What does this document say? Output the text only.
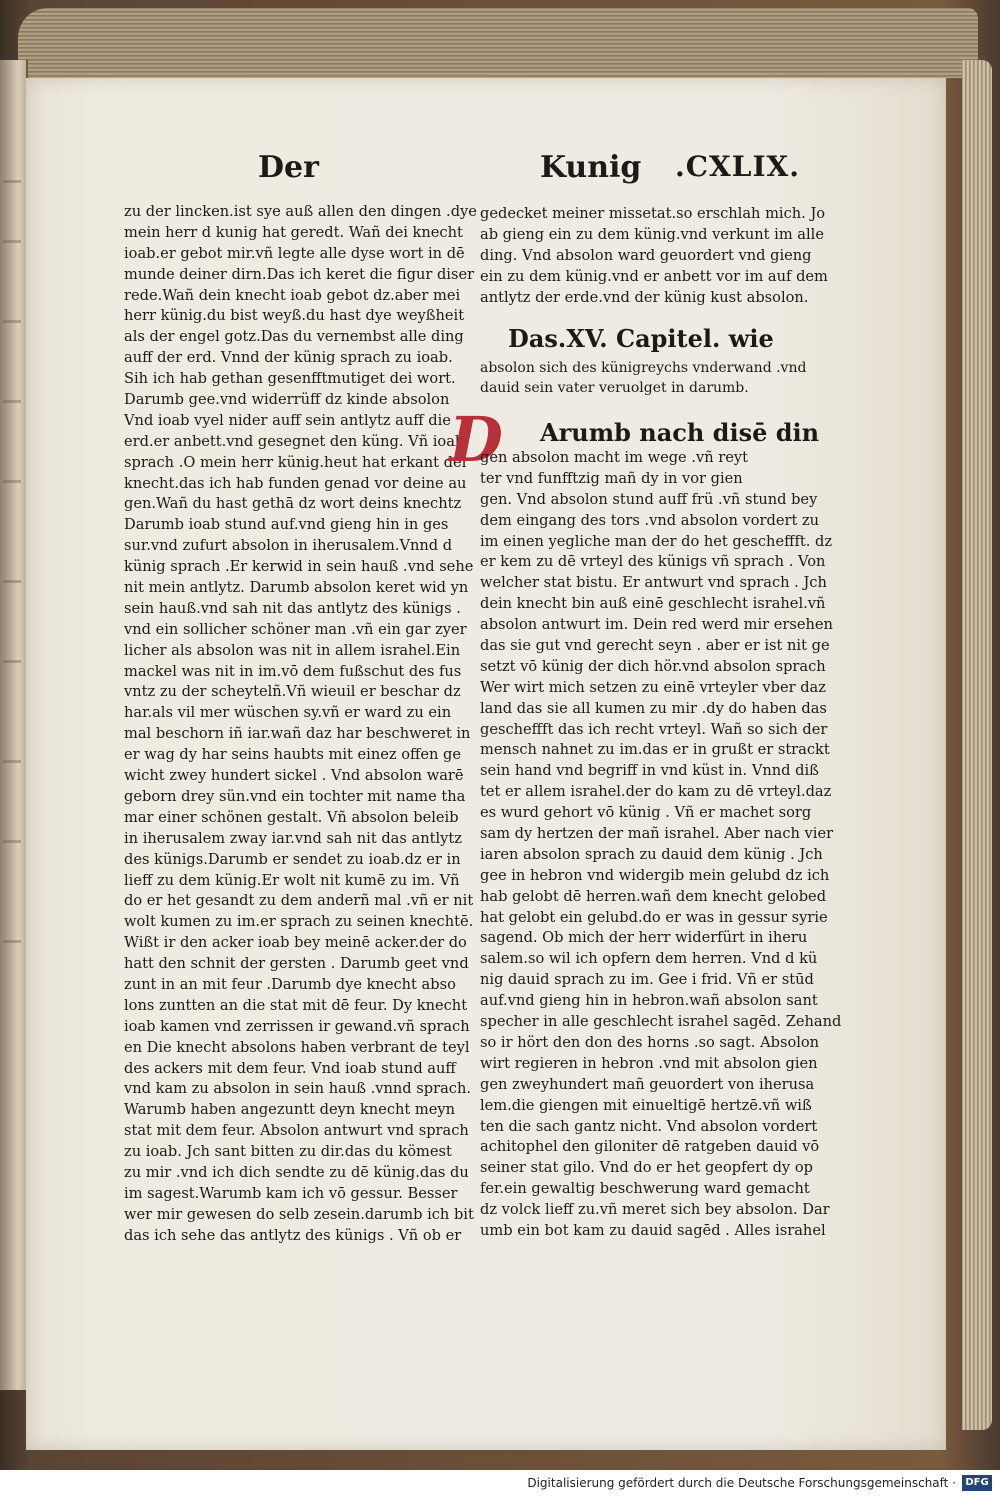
Der	Kunig .CXLIX.
zu der lincken.ist sye auß allen den dingen .dye
mein herr d kunig hat geredt. Wañ dei knecht
ioab.er gebot mir.vñ legte alle dyse wort in dē
munde deiner dirn.Das ich keret die figur diser
rede.Wañ dein knecht ioab gebot dz.aber mei
herr künig.du bist weyß.du hast dye weyßheit
als der engel gotz.Das du vernembst alle ding
auff der erd. Vnnd der künig sprach zu ioab.
Sih ich hab gethan gesenfftmutiget dei wort.
Darumb gee.vnd widerrüff dz kinde absolon
Vnd ioab vyel nider auff sein antlytz auff die
erd.er anbett.vnd gesegnet den küng. Vñ ioab
sprach .O mein herr künig.heut hat erkant dei
knecht.das ich hab funden genad vor deine au
gen.Wañ du hast gethā dz wort deins knechtz
Darumb ioab stund auf.vnd gieng hin in ges
sur.vnd zufurt absolon in iherusalem.Vnnd d
künig sprach .Er kerwid in sein hauß .vnd sehe
nit mein antlytz. Darumb absolon keret wid yn
sein hauß.vnd sah nit das antlytz des künigs .
vnd ein sollicher schöner man .vñ ein gar zyer
licher als absolon was nit in allem israhel.Ein
mackel was nit in im.vō dem fußschut des fus
vntz zu der scheytelñ.Vñ wieuil er beschar dz
har.als vil mer wüschen sy.vñ er ward zu ein
mal beschorn iñ iar.wañ daz har beschweret in
er wag dy har seins haubts mit einez offen ge
wicht zwey hundert sickel . Vnd absolon warē
geborn drey sün.vnd ein tochter mit name tha
mar einer schönen gestalt. Vñ absolon beleib
in iherusalem zway iar.vnd sah nit das antlytz
des künigs.Darumb er sendet zu ioab.dz er in
lieff zu dem künig.Er wolt nit kumē zu im. Vñ
do er het gesandt zu dem anderñ mal .vñ er nit
wolt kumen zu im.er sprach zu seinen knechtē.
Wißt ir den acker ioab bey meinē acker.der do
hatt den schnit der gersten . Darumb geet vnd
zunt in an mit feur .Darumb dye knecht abso
lons zuntten an die stat mit dē feur. Dy knecht
ioab kamen vnd zerrissen ir gewand.vñ sprach
en Die knecht absolons haben verbrant de teyl
des ackers mit dem feur. Vnd ioab stund auff
vnd kam zu absolon in sein hauß .vnnd sprach.
Warumb haben angezuntt deyn knecht meyn
stat mit dem feur. Absolon antwurt vnd sprach
zu ioab. Jch sant bitten zu dir.das du kömest
zu mir .vnd ich dich sendte zu dē künig.das du
im sagest.Warumb kam ich vō gessur. Besser
wer mir gewesen do selb zesein.darumb ich bit
das ich sehe das antlytz des künigs . Vñ ob er
gedecket meiner missetat.so erschlah mich. Jo
ab gieng ein zu dem künig.vnd verkunt im alle
ding. Vnd absolon ward geuordert vnd gieng
ein zu dem künig.vnd er anbett vor im auf dem
antlytz der erde.vnd der künig kust absolon.
Das.XV. Capitel. wie
absolon sich des künigreychs vnderwand .vnd
dauid sein vater veruolget in darumb.
D	Arumb nach disē din
gen absolon macht im wege .vñ reyt
ter vnd funfftzig mañ dy in vor gien
gen. Vnd absolon stund auff frü .vñ stund bey
dem eingang des tors .vnd absolon vordert zu
im einen yegliche man der do het gescheffft. dz
er kem zu dē vrteyl des künigs vñ sprach . Von
welcher stat bistu. Er antwurt vnd sprach . Jch
dein knecht bin auß einē geschlecht israhel.vñ
absolon antwurt im. Dein red werd mir ersehen
das sie gut vnd gerecht seyn . aber er ist nit ge
setzt vō künig der dich hör.vnd absolon sprach
Wer wirt mich setzen zu einē vrteyler vber daz
land das sie all kumen zu mir .dy do haben das
gescheffft das ich recht vrteyl. Wañ so sich der
mensch nahnet zu im.das er in grußt er strackt
sein hand vnd begriff in vnd küst in. Vnnd diß
tet er allem israhel.der do kam zu dē vrteyl.daz
es wurd gehort vō künig . Vñ er machet sorg
sam dy hertzen der mañ israhel. Aber nach vier
iaren absolon sprach zu dauid dem künig . Jch
gee in hebron vnd widergib mein gelubd dz ich
hab gelobt dē herren.wañ dem knecht gelobed
hat gelobt ein gelubd.do er was in gessur syrie
sagend. Ob mich der herr widerfürt in iheru
salem.so wil ich opfern dem herren. Vnd d kü
nig dauid sprach zu im. Gee i frid. Vñ er stūd
auf.vnd gieng hin in hebron.wañ absolon sant
specher in alle geschlecht israhel sagēd. Zehand
so ir hört den don des horns .so sagt. Absolon
wirt regieren in hebron .vnd mit absolon gien
gen zweyhundert mañ geuordert von iherusa
lem.die giengen mit einueltigē hertzē.vñ wiß
ten die sach gantz nicht. Vnd absolon vordert
achitophel den giloniter dē ratgeben dauid vō
seiner stat gilo. Vnd do er het geopfert dy op
fer.ein gewaltig beschwerung ward gemacht
dz volck lieff zu.vñ meret sich bey absolon. Dar
umb ein bot kam zu dauid sagēd . Alles israhel
Digitalisierung gefördert durch die Deutsche Forschungsgemeinschaft · DFG
